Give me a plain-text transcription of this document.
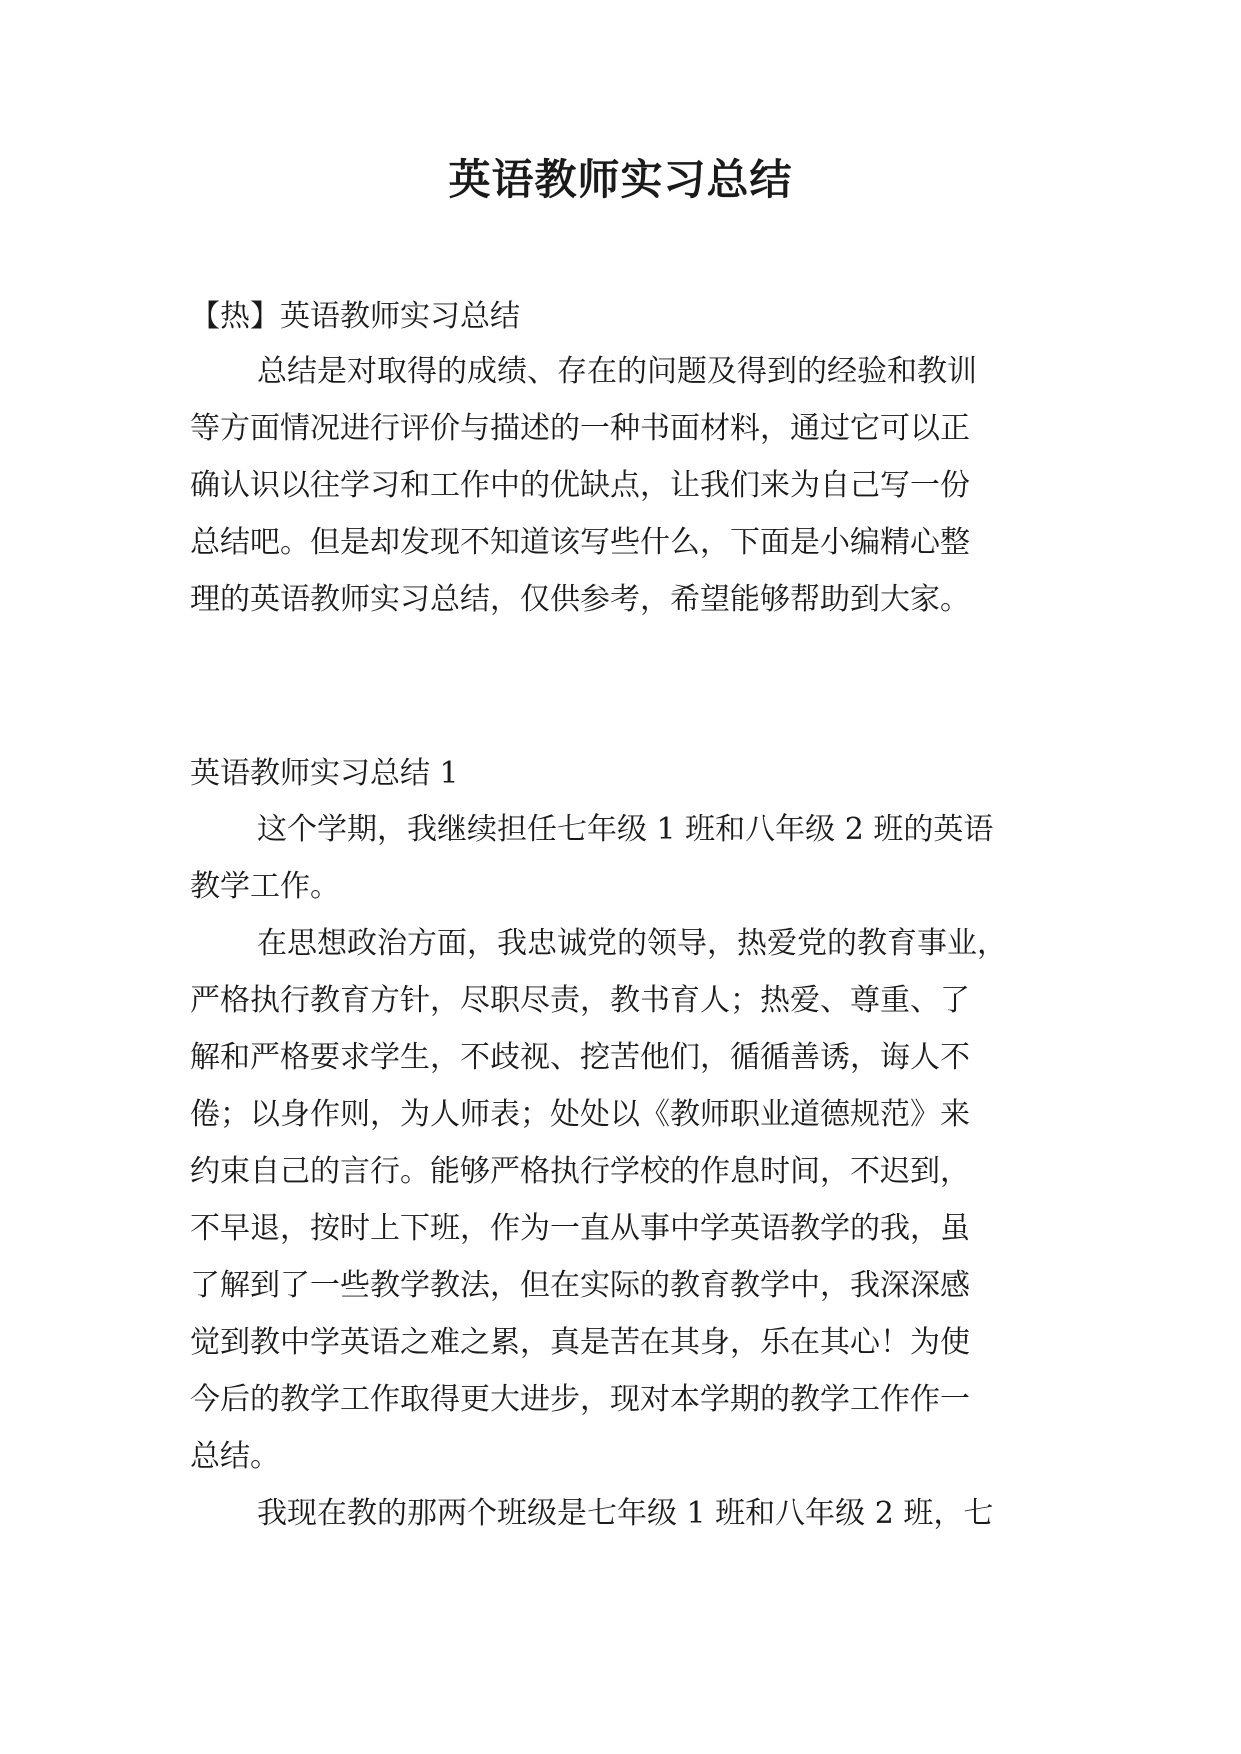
英语教师实习总结

【热】英语教师实习总结

总结是对取得的成绩、存在的问题及得到的经验和教训

等方面情况进行评价与描述的一种书面材料，通过它可以正

确认识以往学习和工作中的优缺点，让我们来为自己写一份

总结吧。但是却发现不知道该写些什么，下面是小编精心整

理的英语教师实习总结，仅供参考，希望能够帮助到大家。

英语教师实习总结 1

这个学期，我继续担任七年级 1 班和八年级 2 班的英语

教学工作。

在思想政治方面，我忠诚党的领导，热爱党的教育事业，

严格执行教育方针，尽职尽责，教书育人；热爱、尊重、了

解和严格要求学生，不歧视、挖苦他们，循循善诱，诲人不

倦；以身作则，为人师表；处处以《教师职业道德规范》来

约束自己的言行。能够严格执行学校的作息时间，不迟到，

不早退，按时上下班，作为一直从事中学英语教学的我，虽

了解到了一些教学教法，但在实际的教育教学中，我深深感

觉到教中学英语之难之累，真是苦在其身，乐在其心！为使

今后的教学工作取得更大进步，现对本学期的教学工作作一

总结。

我现在教的那两个班级是七年级 1 班和八年级 2 班，七
